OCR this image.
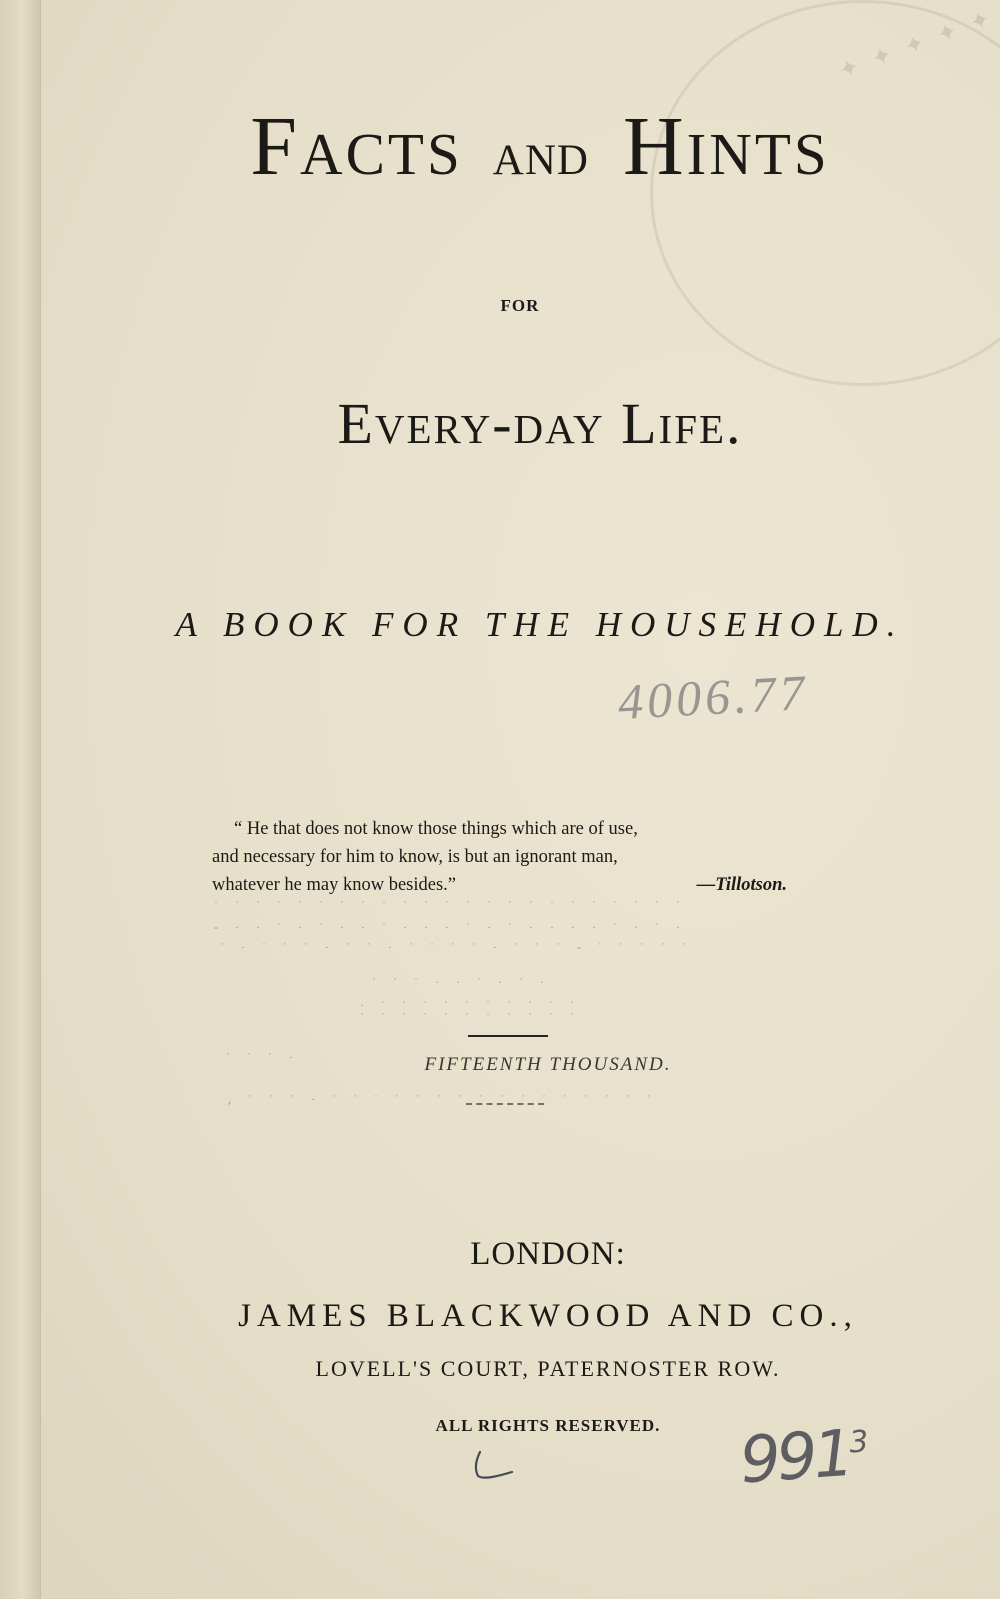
✦ ✦ ✦ ✦ ✦
Facts and Hints
FOR
Every-day Life.
A BOOK FOR THE HOUSEHOLD.
4006.77
“ He that does not know those things which are of use,
and necessary for him to know, is but an ignorant man,
whatever he may know besides.”	—Tillotson.
˙ ˙ ˙ ˙ ˙ ˙ ˙ ˙ ˙ ˙ ˙ ˙ ˙ ˙ ˙ ˙ ˙ ˙ ˙ ˙ ˙ ˙ ˙
- · · ˙ · ˙ · · ˙ · · · ˙ · ˙ · · · · ˙ · ˙ ·
˙ · ˙ ˙ ˙ · ˙ ˙ · ˙ ˙ ˙ ˙ · ˙ ˙ ˙ - ˙ ˙ ˙ ˙ ˙
˙ ˙ ˙ · · ˙ · ˙ ·
· ˙ ˙ ˙ ˙ ˙ ˙ ˙ ˙ ˙ ˙
˙ ˙ ˙ ˙ ˙ ˙ ˙ ˙ ˙ ˙ ˙
˙ ˙ ˙ ·
, ˙ ˙ ˙ · ˙ ˙ ˙ ˙ ˙ ˙ ˙ ˙ ˙ ˙ ˙ ˙ ˙ ˙ ˙ ˙
FIFTEENTH THOUSAND.
LONDON:
JAMES BLACKWOOD AND CO.,
LOVELL'S COURT, PATERNOSTER ROW.
ALL RIGHTS RESERVED.	$991^3$
